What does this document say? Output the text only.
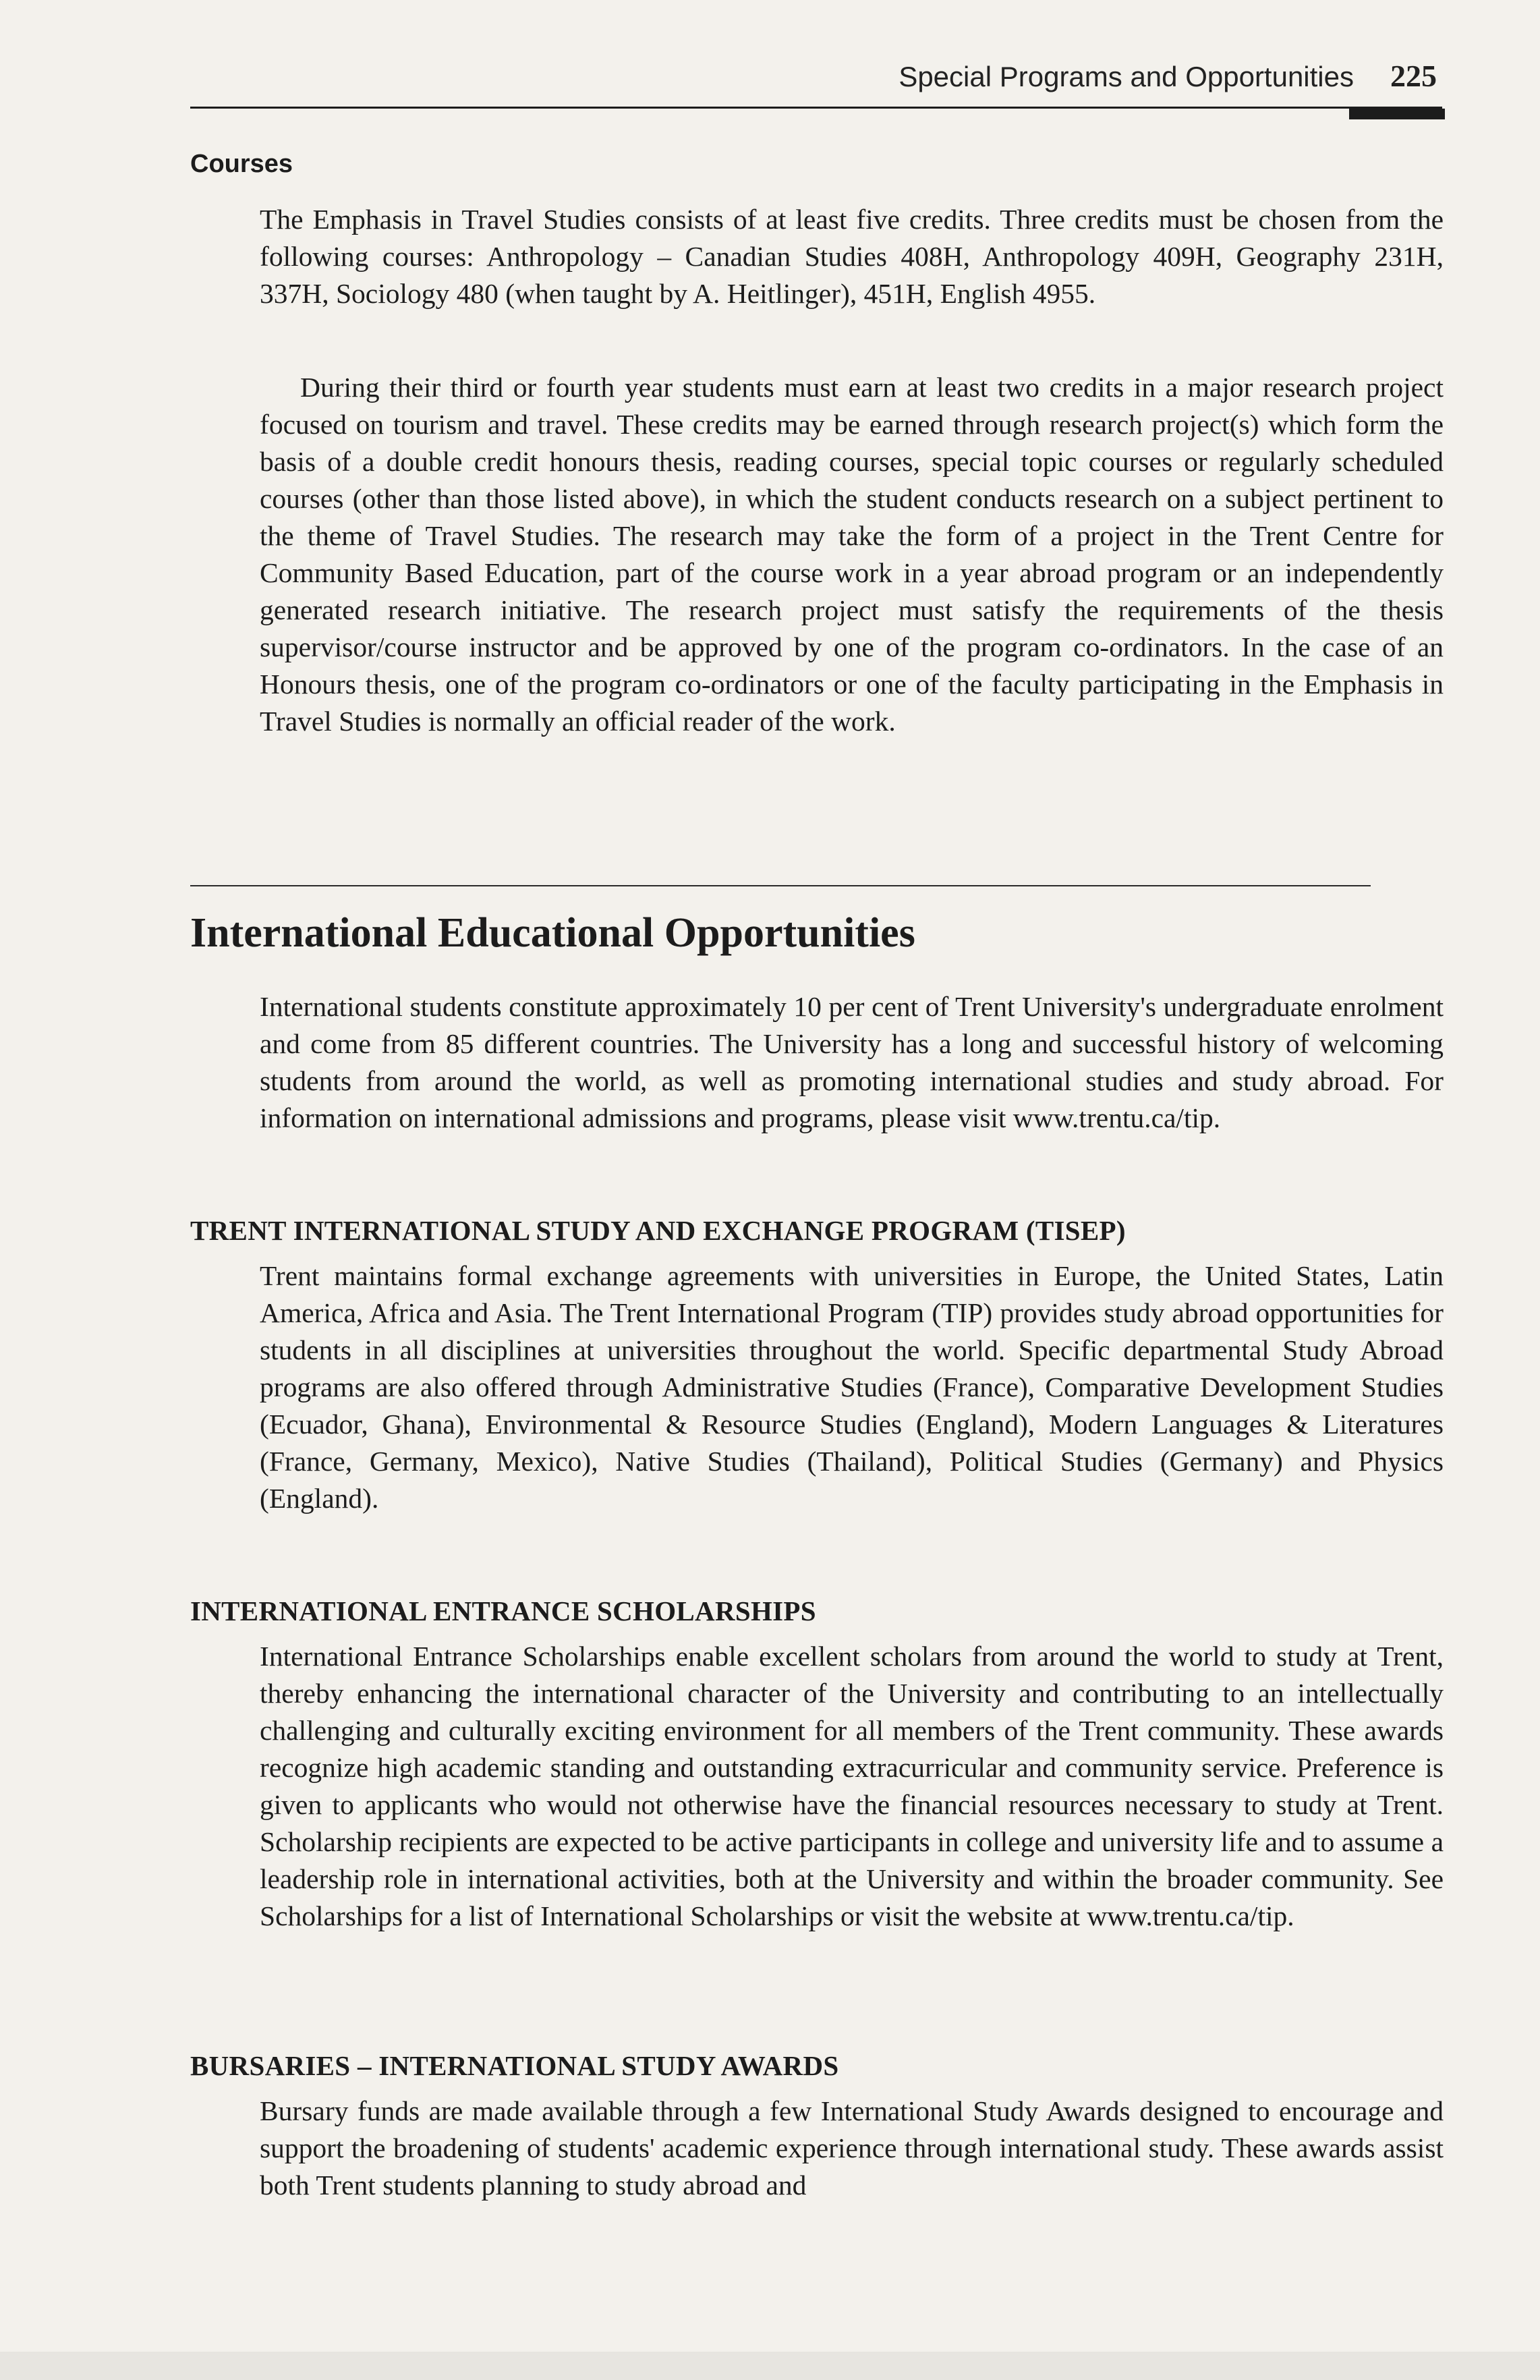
Special Programs and Opportunities 225
Courses
The Emphasis in Travel Studies consists of at least five credits. Three credits must be chosen from the following courses: Anthropology – Canadian Studies 408H, Anthropology 409H, Geography 231H, 337H, Sociology 480 (when taught by A. Heitlinger), 451H, English 4955.
During their third or fourth year students must earn at least two credits in a major research project focused on tourism and travel. These credits may be earned through research project(s) which form the basis of a double credit honours thesis, reading courses, special topic courses or regularly scheduled courses (other than those listed above), in which the student conducts research on a subject pertinent to the theme of Travel Studies. The research may take the form of a project in the Trent Centre for Community Based Education, part of the course work in a year abroad program or an independently generated research initiative. The research project must satisfy the requirements of the thesis supervisor/course instructor and be approved by one of the program co-ordinators. In the case of an Honours thesis, one of the program co-ordinators or one of the faculty participating in the Emphasis in Travel Studies is normally an official reader of the work.
International Educational Opportunities
International students constitute approximately 10 per cent of Trent University's undergraduate enrolment and come from 85 different countries. The University has a long and successful history of welcoming students from around the world, as well as promoting international studies and study abroad. For information on international admissions and programs, please visit www.trentu.ca/tip.
TRENT INTERNATIONAL STUDY AND EXCHANGE PROGRAM (TISEP)
Trent maintains formal exchange agreements with universities in Europe, the United States, Latin America, Africa and Asia. The Trent International Program (TIP) provides study abroad opportunities for students in all disciplines at universities throughout the world. Specific departmental Study Abroad programs are also offered through Administrative Studies (France), Comparative Development Studies (Ecuador, Ghana), Environmental & Resource Studies (England), Modern Languages & Literatures (France, Germany, Mexico), Native Studies (Thailand), Political Studies (Germany) and Physics (England).
INTERNATIONAL ENTRANCE SCHOLARSHIPS
International Entrance Scholarships enable excellent scholars from around the world to study at Trent, thereby enhancing the international character of the University and contributing to an intellectually challenging and culturally exciting environment for all members of the Trent community. These awards recognize high academic standing and outstanding extracurricular and community service. Preference is given to applicants who would not otherwise have the financial resources necessary to study at Trent. Scholarship recipients are expected to be active participants in college and university life and to assume a leadership role in international activities, both at the University and within the broader community. See Scholarships for a list of International Scholarships or visit the website at www.trentu.ca/tip.
BURSARIES – INTERNATIONAL STUDY AWARDS
Bursary funds are made available through a few International Study Awards designed to encourage and support the broadening of students' academic experience through international study. These awards assist both Trent students planning to study abroad and
